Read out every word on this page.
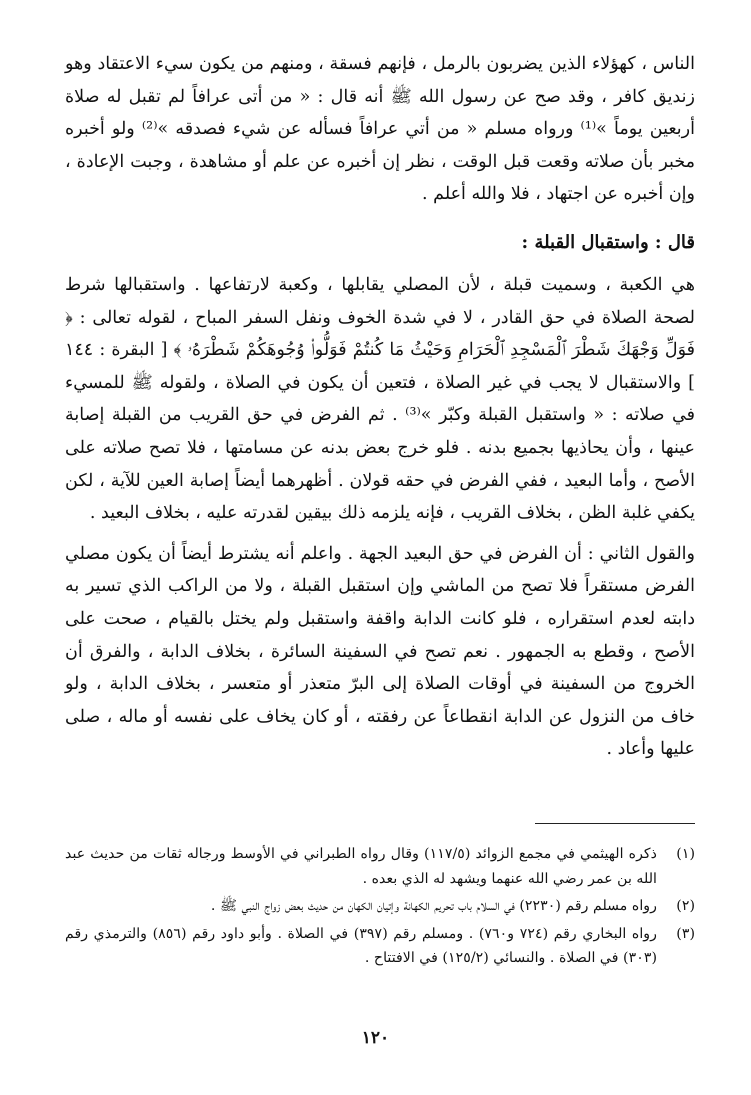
الناس ، كهؤلاء الذين يضربون بالرمل ، فإنهم فسقة ، ومنهم من يكون سيء الاعتقاد وهو زنديق كافر ، وقد صح عن رسول الله ﷺ أنه قال : « من أتى عرافاً لم تقبل له صلاة أربعين يوماً »⁽¹⁾ ورواه مسلم « من أتي عرافاً فسأله عن شيء فصدقه »⁽²⁾ ولو أخبره مخبر بأن صلاته وقعت قبل الوقت ، نظر إن أخبره عن علم أو مشاهدة ، وجبت الإعادة ، وإن أخبره عن اجتهاد ، فلا والله أعلم .

قال : واستقبال القبلة :

هي الكعبة ، وسميت قبلة ، لأن المصلي يقابلها ، وكعبة لارتفاعها . واستقبالها شرط لصحة الصلاة في حق القادر ، لا في شدة الخوف ونفل السفر المباح ، لقوله تعالى : ﴿ فَوَلِّ وَجْهَكَ شَطْرَ ٱلْمَسْجِدِ ٱلْحَرَامِ وَحَيْثُ مَا كُنتُمْ فَوَلُّوا۟ وُجُوهَكُمْ شَطْرَهُۥ ﴾ [ البقرة : ١٤٤ ] والاستقبال لا يجب في غير الصلاة ، فتعين أن يكون في الصلاة ، ولقوله ﷺ للمسيء في صلاته : « واستقبل القبلة وكبّر »⁽³⁾ . ثم الفرض في حق القريب من القبلة إصابة عينها ، وأن يحاذيها بجميع بدنه . فلو خرج بعض بدنه عن مسامتها ، فلا تصح صلاته على الأصح ، وأما البعيد ، ففي الفرض في حقه قولان . أظهرهما أيضاً إصابة العين للآية ، لكن يكفي غلبة الظن ، بخلاف القريب ، فإنه يلزمه ذلك بيقين لقدرته عليه ، بخلاف البعيد .

والقول الثاني : أن الفرض في حق البعيد الجهة . واعلم أنه يشترط أيضاً أن يكون مصلي الفرض مستقراً فلا تصح من الماشي وإن استقبل القبلة ، ولا من الراكب الذي تسير به دابته لعدم استقراره ، فلو كانت الدابة واقفة واستقبل ولم يختل بالقيام ، صحت على الأصح ، وقطع به الجمهور . نعم تصح في السفينة السائرة ، بخلاف الدابة ، والفرق أن الخروج من السفينة في أوقات الصلاة إلى البرّ متعذر أو متعسر ، بخلاف الدابة ، ولو خاف من النزول عن الدابة انقطاعاً عن رفقته ، أو كان يخاف على نفسه أو ماله ، صلى عليها وأعاد .

(١)
ذكره الهيثمي في مجمع الزوائد (١١٧/٥) وقال رواه الطبراني في الأوسط ورجاله ثقات من حديث عبد الله بن عمر رضي الله عنهما ويشهد له الذي بعده .
(٢)
رواه مسلم رقم (٢٢٣٠) في السلام باب تحريم الكهانة وإتيان الكهان من حديث بعض زواج النبي ﷺ .
(٣)
رواه البخاري رقم (٧٢٤ و٧٦٠) . ومسلم رقم (٣٩٧) في الصلاة . وأبو داود رقم (٨٥٦) والترمذي رقم (٣٠٣) في الصلاة . والنسائي (١٢٥/٢) في الافتتاح .
١٢٠
